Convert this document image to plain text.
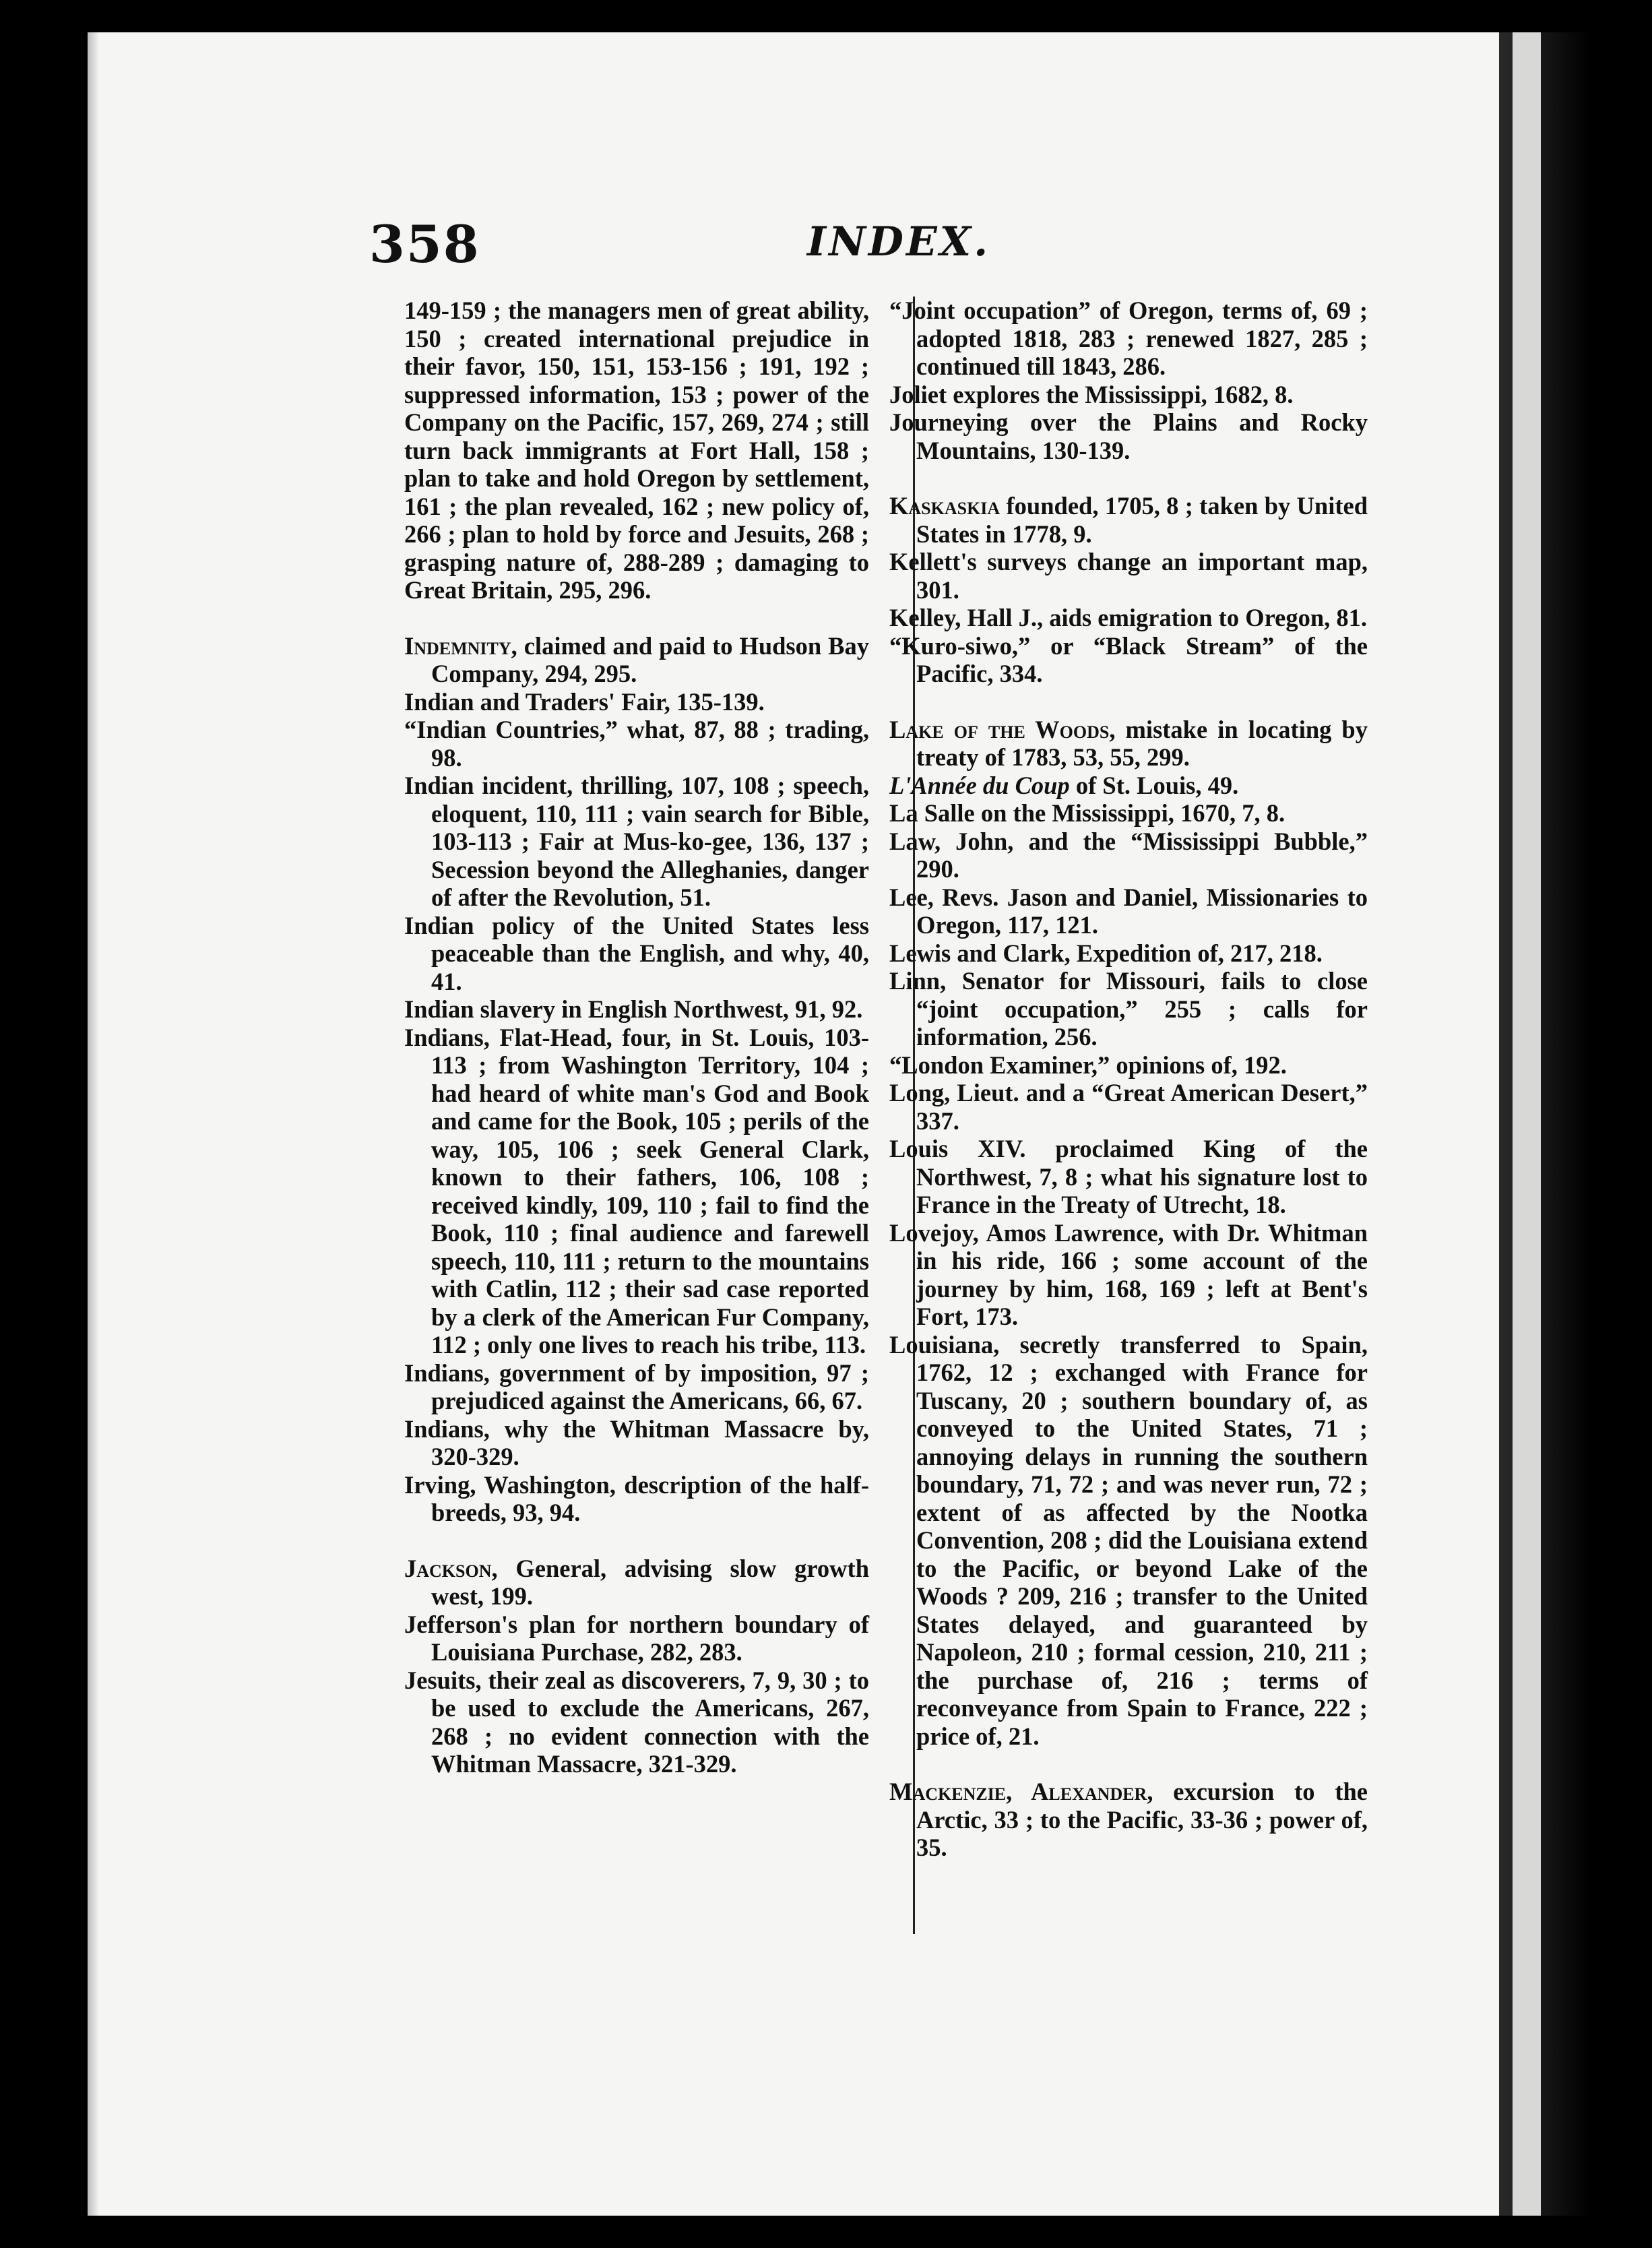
358	INDEX.

149-159 ; the managers men of great ability, 150 ; created international prejudice in their favor, 150, 151, 153-156 ; 191, 192 ; suppressed information, 153 ; power of the Company on the Pacific, 157, 269, 274 ; still turn back immigrants at Fort Hall, 158 ; plan to take and hold Oregon by settlement, 161 ; the plan revealed, 162 ; new policy of, 266 ; plan to hold by force and Jesuits, 268 ; grasping nature of, 288-289 ; damaging to Great Britain, 295, 296.

Indemnity, claimed and paid to Hudson Bay Company, 294, 295.

Indian and Traders' Fair, 135-139.

“Indian Countries,” what, 87, 88 ; trading, 98.

Indian incident, thrilling, 107, 108 ; speech, eloquent, 110, 111 ; vain search for Bible, 103-113 ; Fair at Mus-ko-gee, 136, 137 ; Secession beyond the Alleghanies, danger of after the Revolution, 51.

Indian policy of the United States less peaceable than the English, and why, 40, 41.

Indian slavery in English Northwest, 91, 92.

Indians, Flat-Head, four, in St. Louis, 103-113 ; from Washington Territory, 104 ; had heard of white man's God and Book and came for the Book, 105 ; perils of the way, 105, 106 ; seek General Clark, known to their fathers, 106, 108 ; received kindly, 109, 110 ; fail to find the Book, 110 ; final audience and farewell speech, 110, 111 ; return to the mountains with Catlin, 112 ; their sad case reported by a clerk of the American Fur Company, 112 ; only one lives to reach his tribe, 113.

Indians, government of by imposition, 97 ; prejudiced against the Americans, 66, 67.

Indians, why the Whitman Massacre by, 320-329.

Irving, Washington, description of the half-breeds, 93, 94.

Jackson, General, advising slow growth west, 199.

Jefferson's plan for northern boundary of Louisiana Purchase, 282, 283.

Jesuits, their zeal as discoverers, 7, 9, 30 ; to be used to exclude the Americans, 267, 268 ; no evident connection with the Whitman Massacre, 321-329.

“Joint occupation” of Oregon, terms of, 69 ; adopted 1818, 283 ; renewed 1827, 285 ; continued till 1843, 286.

Joliet explores the Mississippi, 1682, 8.

Journeying over the Plains and Rocky Mountains, 130-139.

Kaskaskia founded, 1705, 8 ; taken by United States in 1778, 9.

Kellett's surveys change an important map, 301.

Kelley, Hall J., aids emigration to Oregon, 81.

“Kuro-siwo,” or “Black Stream” of the Pacific, 334.

Lake of the Woods, mistake in locating by treaty of 1783, 53, 55, 299.

L'Année du Coup of St. Louis, 49.

La Salle on the Mississippi, 1670, 7, 8.

Law, John, and the “Mississippi Bubble,” 290.

Lee, Revs. Jason and Daniel, Missionaries to Oregon, 117, 121.

Lewis and Clark, Expedition of, 217, 218.

Linn, Senator for Missouri, fails to close “joint occupation,” 255 ; calls for information, 256.

“London Examiner,” opinions of, 192.

Long, Lieut. and a “Great American Desert,” 337.

Louis XIV. proclaimed King of the Northwest, 7, 8 ; what his signature lost to France in the Treaty of Utrecht, 18.

Lovejoy, Amos Lawrence, with Dr. Whitman in his ride, 166 ; some account of the journey by him, 168, 169 ; left at Bent's Fort, 173.

Louisiana, secretly transferred to Spain, 1762, 12 ; exchanged with France for Tuscany, 20 ; southern boundary of, as conveyed to the United States, 71 ; annoying delays in running the southern boundary, 71, 72 ; and was never run, 72 ; extent of as affected by the Nootka Convention, 208 ; did the Louisiana extend to the Pacific, or beyond Lake of the Woods ? 209, 216 ; transfer to the United States delayed, and guaranteed by Napoleon, 210 ; formal cession, 210, 211 ; the purchase of, 216 ; terms of reconveyance from Spain to France, 222 ; price of, 21.

Mackenzie, Alexander, excursion to the Arctic, 33 ; to the Pacific, 33-36 ; power of, 35.
